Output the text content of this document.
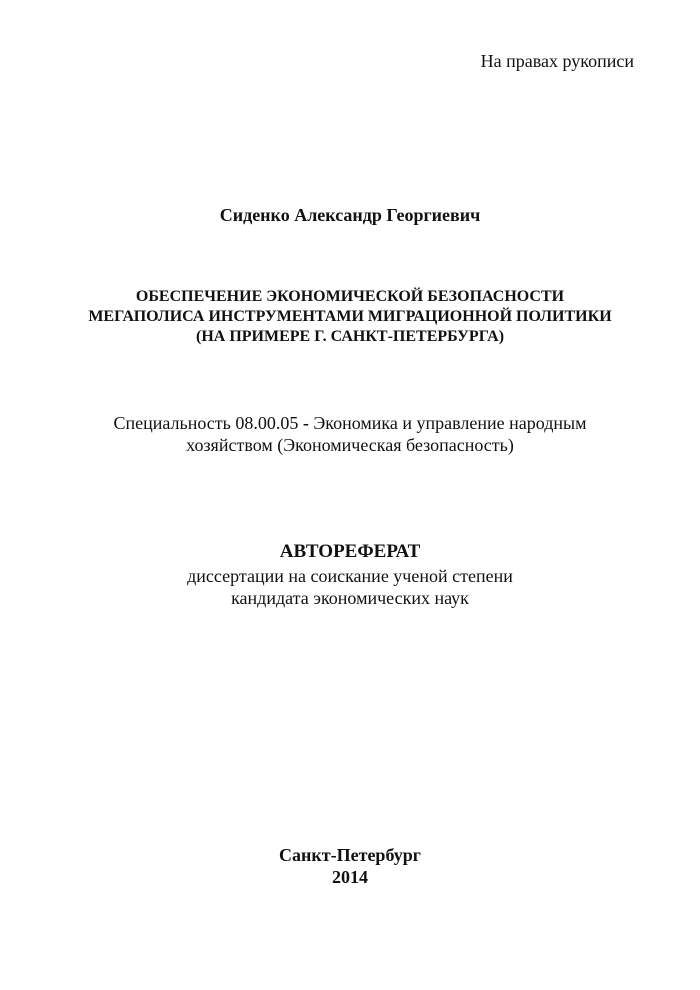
На правах рукописи
Сиденко Александр Георгиевич
ОБЕСПЕЧЕНИЕ ЭКОНОМИЧЕСКОЙ БЕЗОПАСНОСТИ
МЕГАПОЛИСА ИНСТРУМЕНТАМИ МИГРАЦИОННОЙ ПОЛИТИКИ
(НА ПРИМЕРЕ Г. САНКТ-ПЕТЕРБУРГА)
Специальность 08.00.05 - Экономика и управление народным
хозяйством (Экономическая безопасность)
АВТОРЕФЕРАТ
диссертации на соискание ученой степени
кандидата экономических наук
Санкт-Петербург
2014
